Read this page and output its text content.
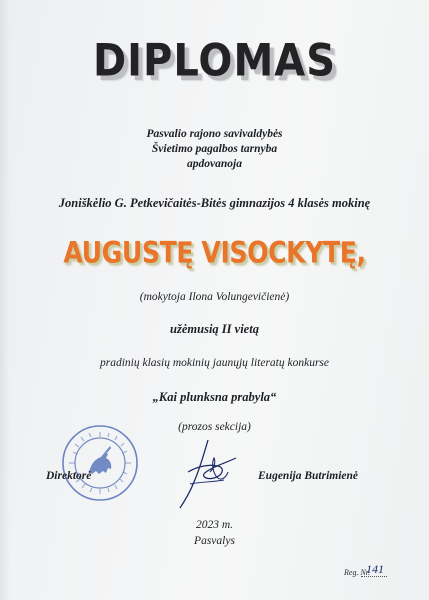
DIPLOMAS
Pasvalio rajono savivaldybės
Švietimo pagalbos tarnyba
apdovanoja
Joniškėlio G. Petkevičaitės-Bitės gimnazijos 4 klasės mokinę
AUGUSTĘ VISOCKYTĘ,
(mokytoja Ilona Volungevičienė)
užėmusią II vietą
pradinių klasių mokinių jaunųjų literatų konkurse
„Kai plunksna prabyla“
(prozos sekcija)
Direktorė	Eugenija Butrimienė
2023 m.
Pasvalys
Reg. Nr.
141
